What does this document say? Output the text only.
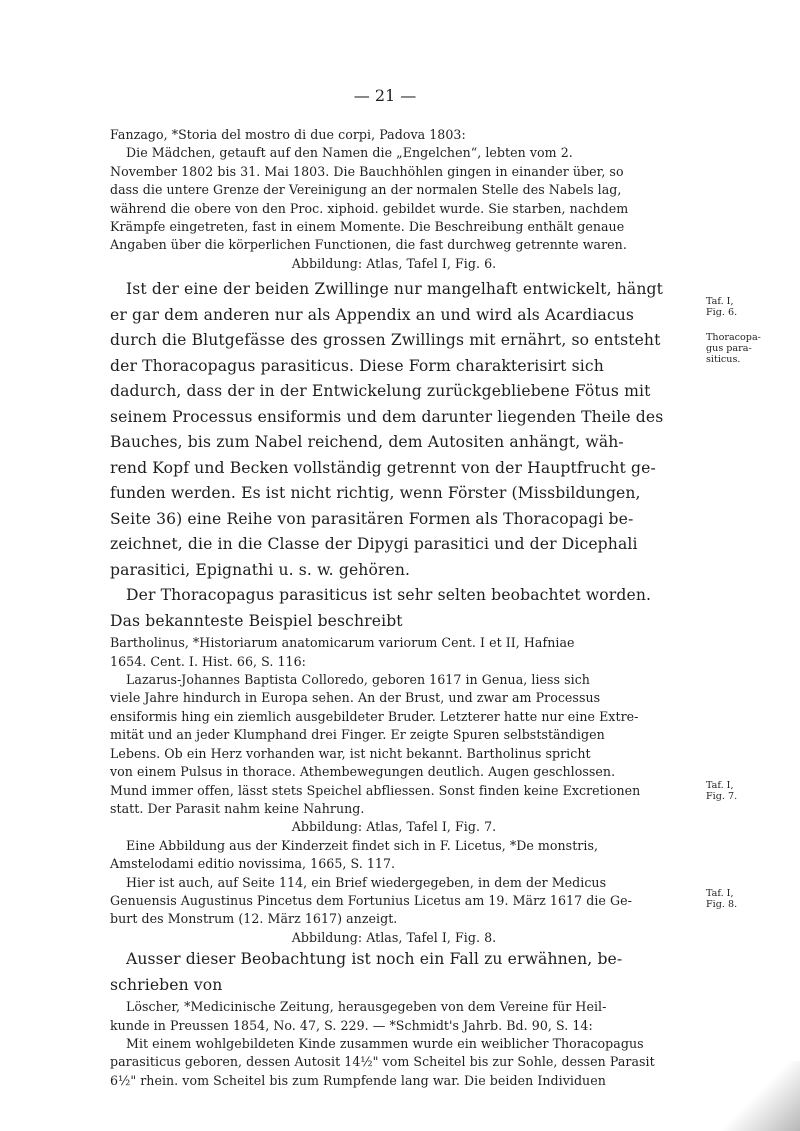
— 21 —

Fanzago, *Storia del mostro di due corpi, Padova 1803:

Die Mädchen, getauft auf den Namen die „Engelchen“, lebten vom 2.

November 1802 bis 31. Mai 1803. Die Bauchhöhlen gingen in einander über, so

dass die untere Grenze der Vereinigung an der normalen Stelle des Nabels lag,

während die obere von den Proc. xiphoid. gebildet wurde. Sie starben, nachdem

Krämpfe eingetreten, fast in einem Momente. Die Beschreibung enthält genaue

Angaben über die körperlichen Functionen, die fast durchweg getrennte waren.

Abbildung: Atlas, Tafel I, Fig. 6.

Ist der eine der beiden Zwillinge nur mangelhaft entwickelt, hängt

er gar dem anderen nur als Appendix an und wird als Acardiacus

durch die Blutgefässe des grossen Zwillings mit ernährt, so entsteht

der Thoracopagus parasiticus. Diese Form charakterisirt sich

dadurch, dass der in der Entwickelung zurückgebliebene Fötus mit

seinem Processus ensiformis und dem darunter liegenden Theile des

Bauches, bis zum Nabel reichend, dem Autositen anhängt, wäh-

rend Kopf und Becken vollständig getrennt von der Hauptfrucht ge-

funden werden. Es ist nicht richtig, wenn Förster (Missbildungen,

Seite 36) eine Reihe von parasitären Formen als Thoracopagi be-

zeichnet, die in die Classe der Dipygi parasitici und der Dicephali

parasitici, Epignathi u. s. w. gehören.

Der Thoracopagus parasiticus ist sehr selten beobachtet worden.

Das bekannteste Beispiel beschreibt

Bartholinus, *Historiarum anatomicarum variorum Cent. I et II, Hafniae

1654. Cent. I. Hist. 66, S. 116:

Lazarus-Johannes Baptista Colloredo, geboren 1617 in Genua, liess sich

viele Jahre hindurch in Europa sehen. An der Brust, und zwar am Processus

ensiformis hing ein ziemlich ausgebildeter Bruder. Letzterer hatte nur eine Extre-

mität und an jeder Klumphand drei Finger. Er zeigte Spuren selbstständigen

Lebens. Ob ein Herz vorhanden war, ist nicht bekannt. Bartholinus spricht

von einem Pulsus in thorace. Athembewegungen deutlich. Augen geschlossen.

Mund immer offen, lässt stets Speichel abfliessen. Sonst finden keine Excretionen

statt. Der Parasit nahm keine Nahrung.

Abbildung: Atlas, Tafel I, Fig. 7.

Eine Abbildung aus der Kinderzeit findet sich in F. Licetus, *De monstris,

Amstelodami editio novissima, 1665, S. 117.

Hier ist auch, auf Seite 114, ein Brief wiedergegeben, in dem der Medicus

Genuensis Augustinus Pincetus dem Fortunius Licetus am 19. März 1617 die Ge-

burt des Monstrum (12. März 1617) anzeigt.

Abbildung: Atlas, Tafel I, Fig. 8.

Ausser dieser Beobachtung ist noch ein Fall zu erwähnen, be-

schrieben von

Löscher, *Medicinische Zeitung, herausgegeben von dem Vereine für Heil-

kunde in Preussen 1854, No. 47, S. 229. — *Schmidt's Jahrb. Bd. 90, S. 14:

Mit einem wohlgebildeten Kinde zusammen wurde ein weiblicher Thoracopagus

parasiticus geboren, dessen Autosit 14½" vom Scheitel bis zur Sohle, dessen Parasit

6½" rhein. vom Scheitel bis zum Rumpfende lang war. Die beiden Individuen

Taf. I,
Fig. 6.
Thoracopa-
gus para-
siticus.
Taf. I,
Fig. 7.
Taf. I,
Fig. 8.
